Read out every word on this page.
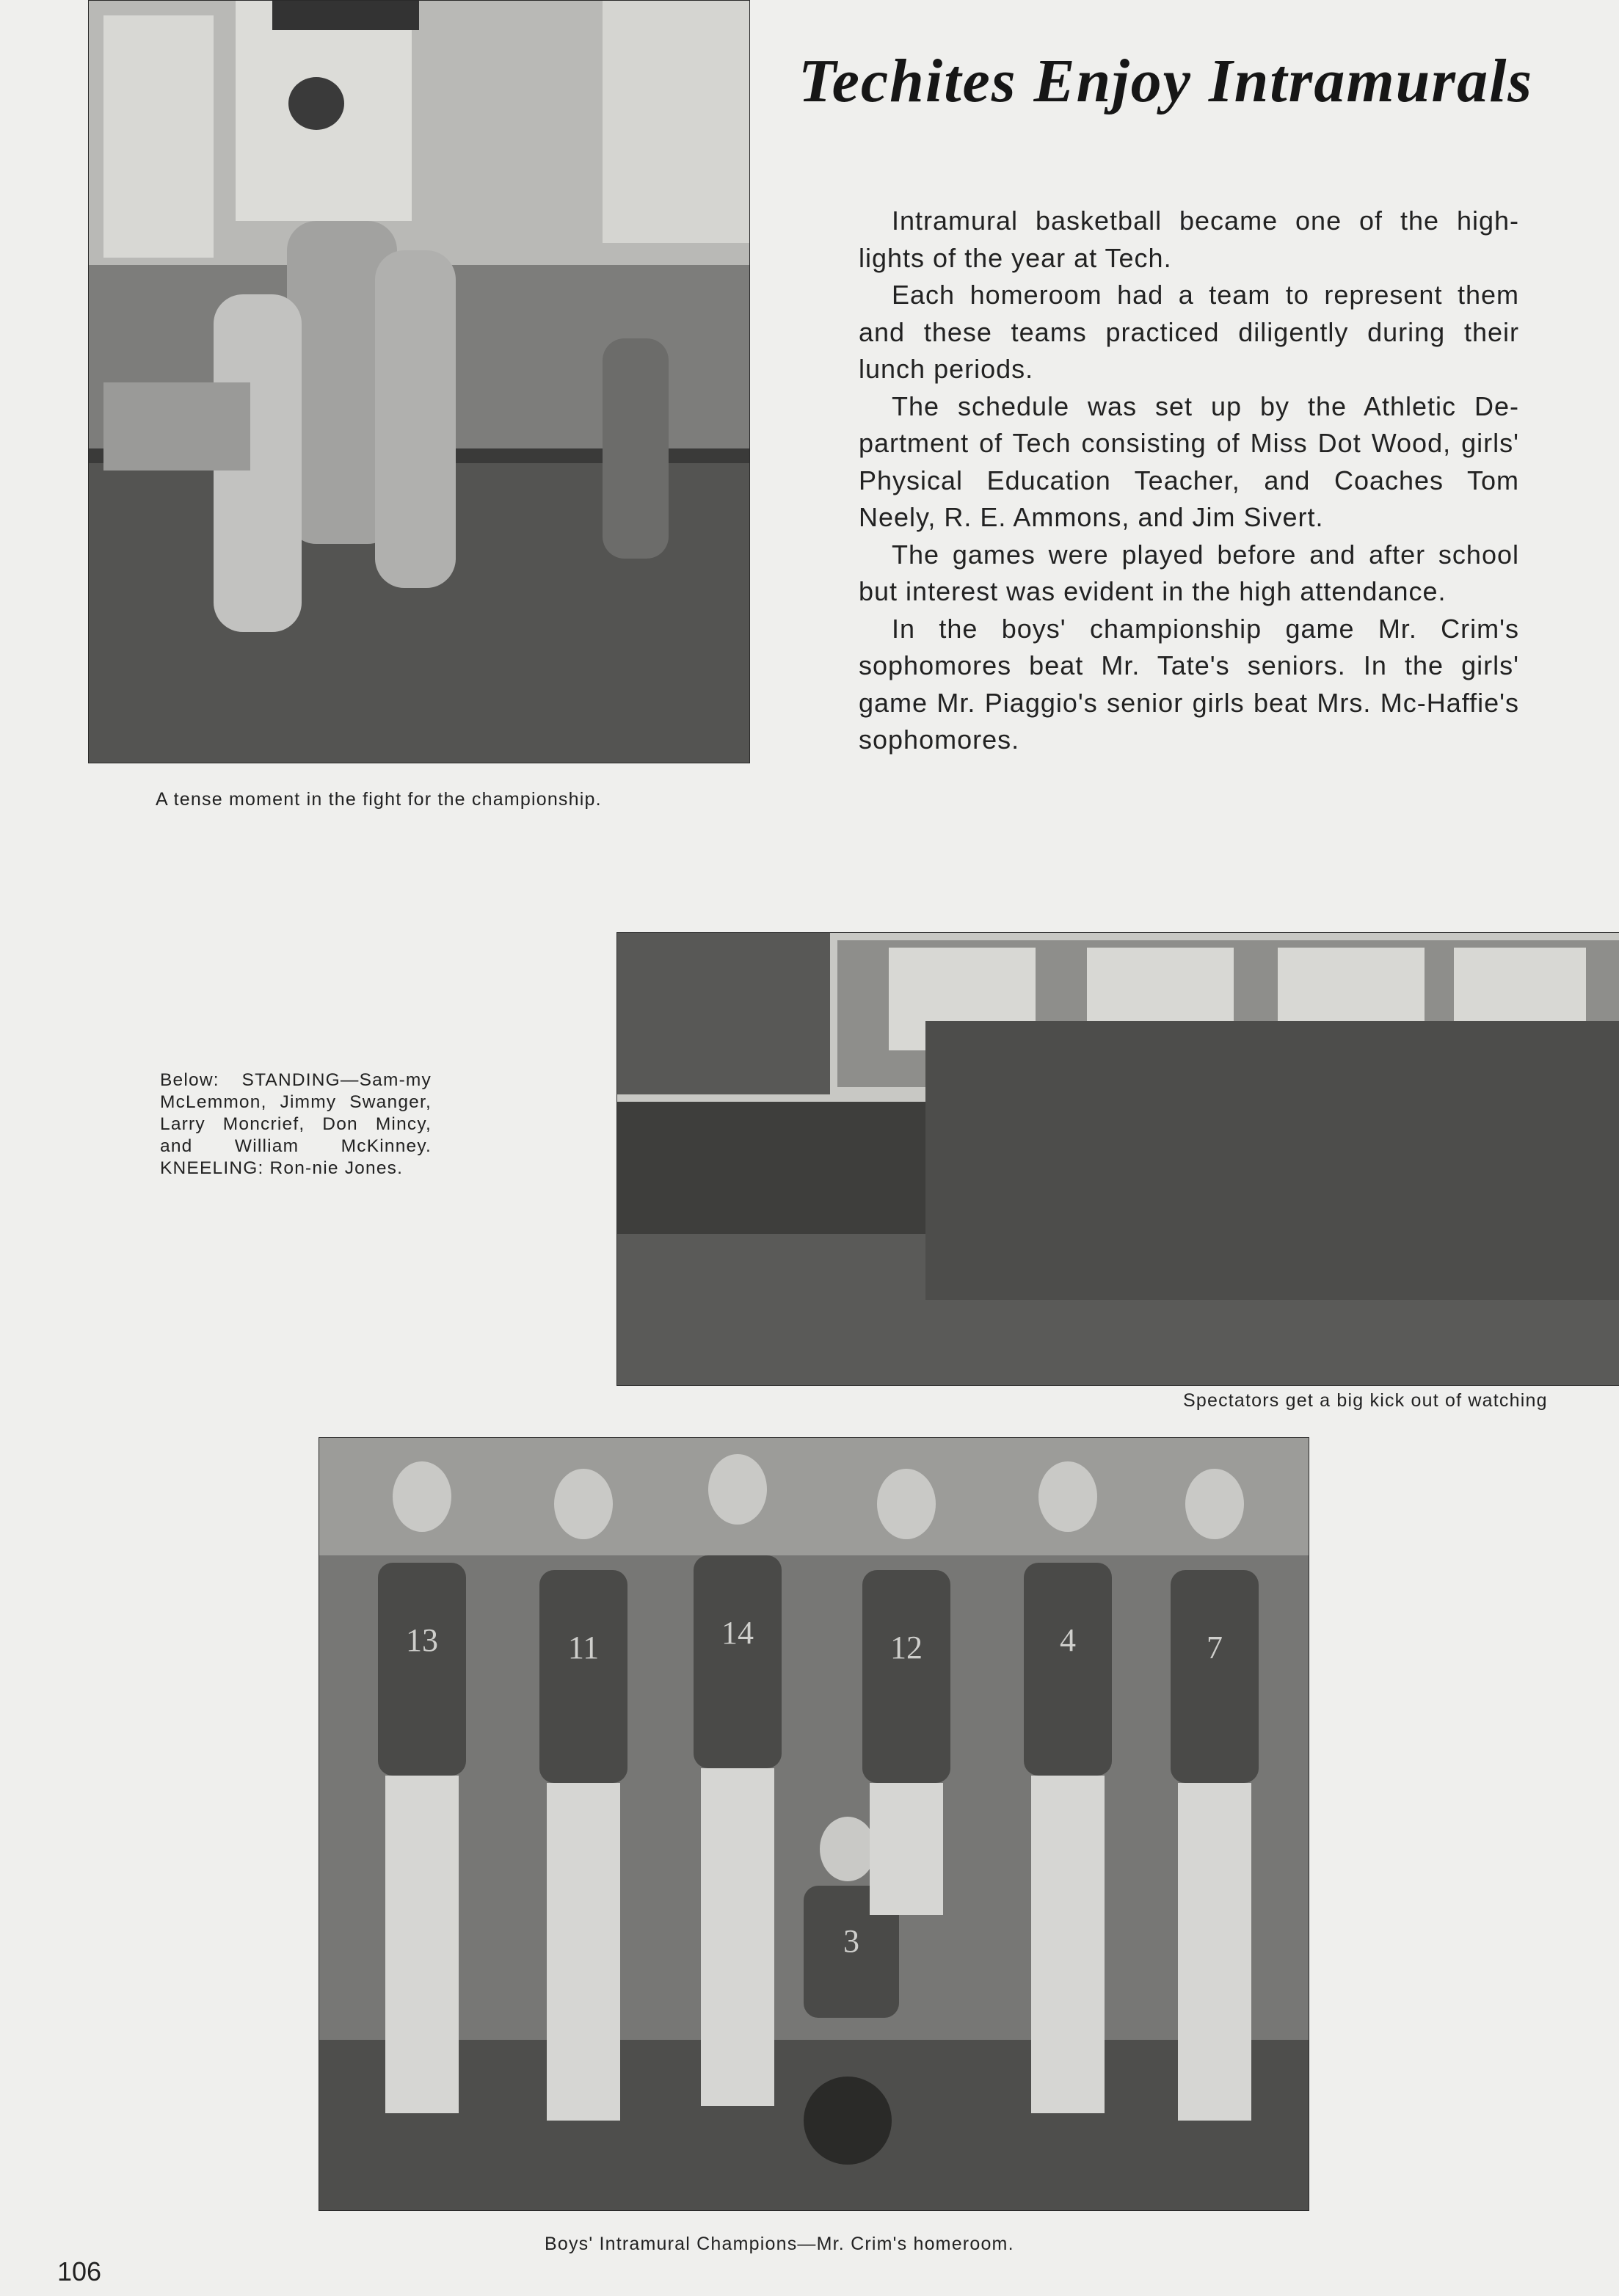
Techites Enjoy Intramurals

Intramural basketball became one of the high-lights of the year at Tech.

Each homeroom had a team to represent them and these teams practiced diligently during their lunch periods.

The schedule was set up by the Athletic De-partment of Tech consisting of Miss Dot Wood, girls' Physical Education Teacher, and Coaches Tom Neely, R. E. Ammons, and Jim Sivert.

The games were played before and after school but interest was evident in the high attendance.

In the boys' championship game Mr. Crim's sophomores beat Mr. Tate's seniors. In the girls' game Mr. Piaggio's senior girls beat Mrs. Mc-Haffie's sophomores.

A tense moment in the fight for the championship.
Below: STANDING—Sam-my McLemmon, Jimmy Swanger, Larry Moncrief, Don Mincy, and William McKinney. KNEELING: Ron-nie Jones.
Spectators get a big kick out of watching
13	11	14	12	4	7
3
Boys' Intramural Champions—Mr. Crim's homeroom.
106
